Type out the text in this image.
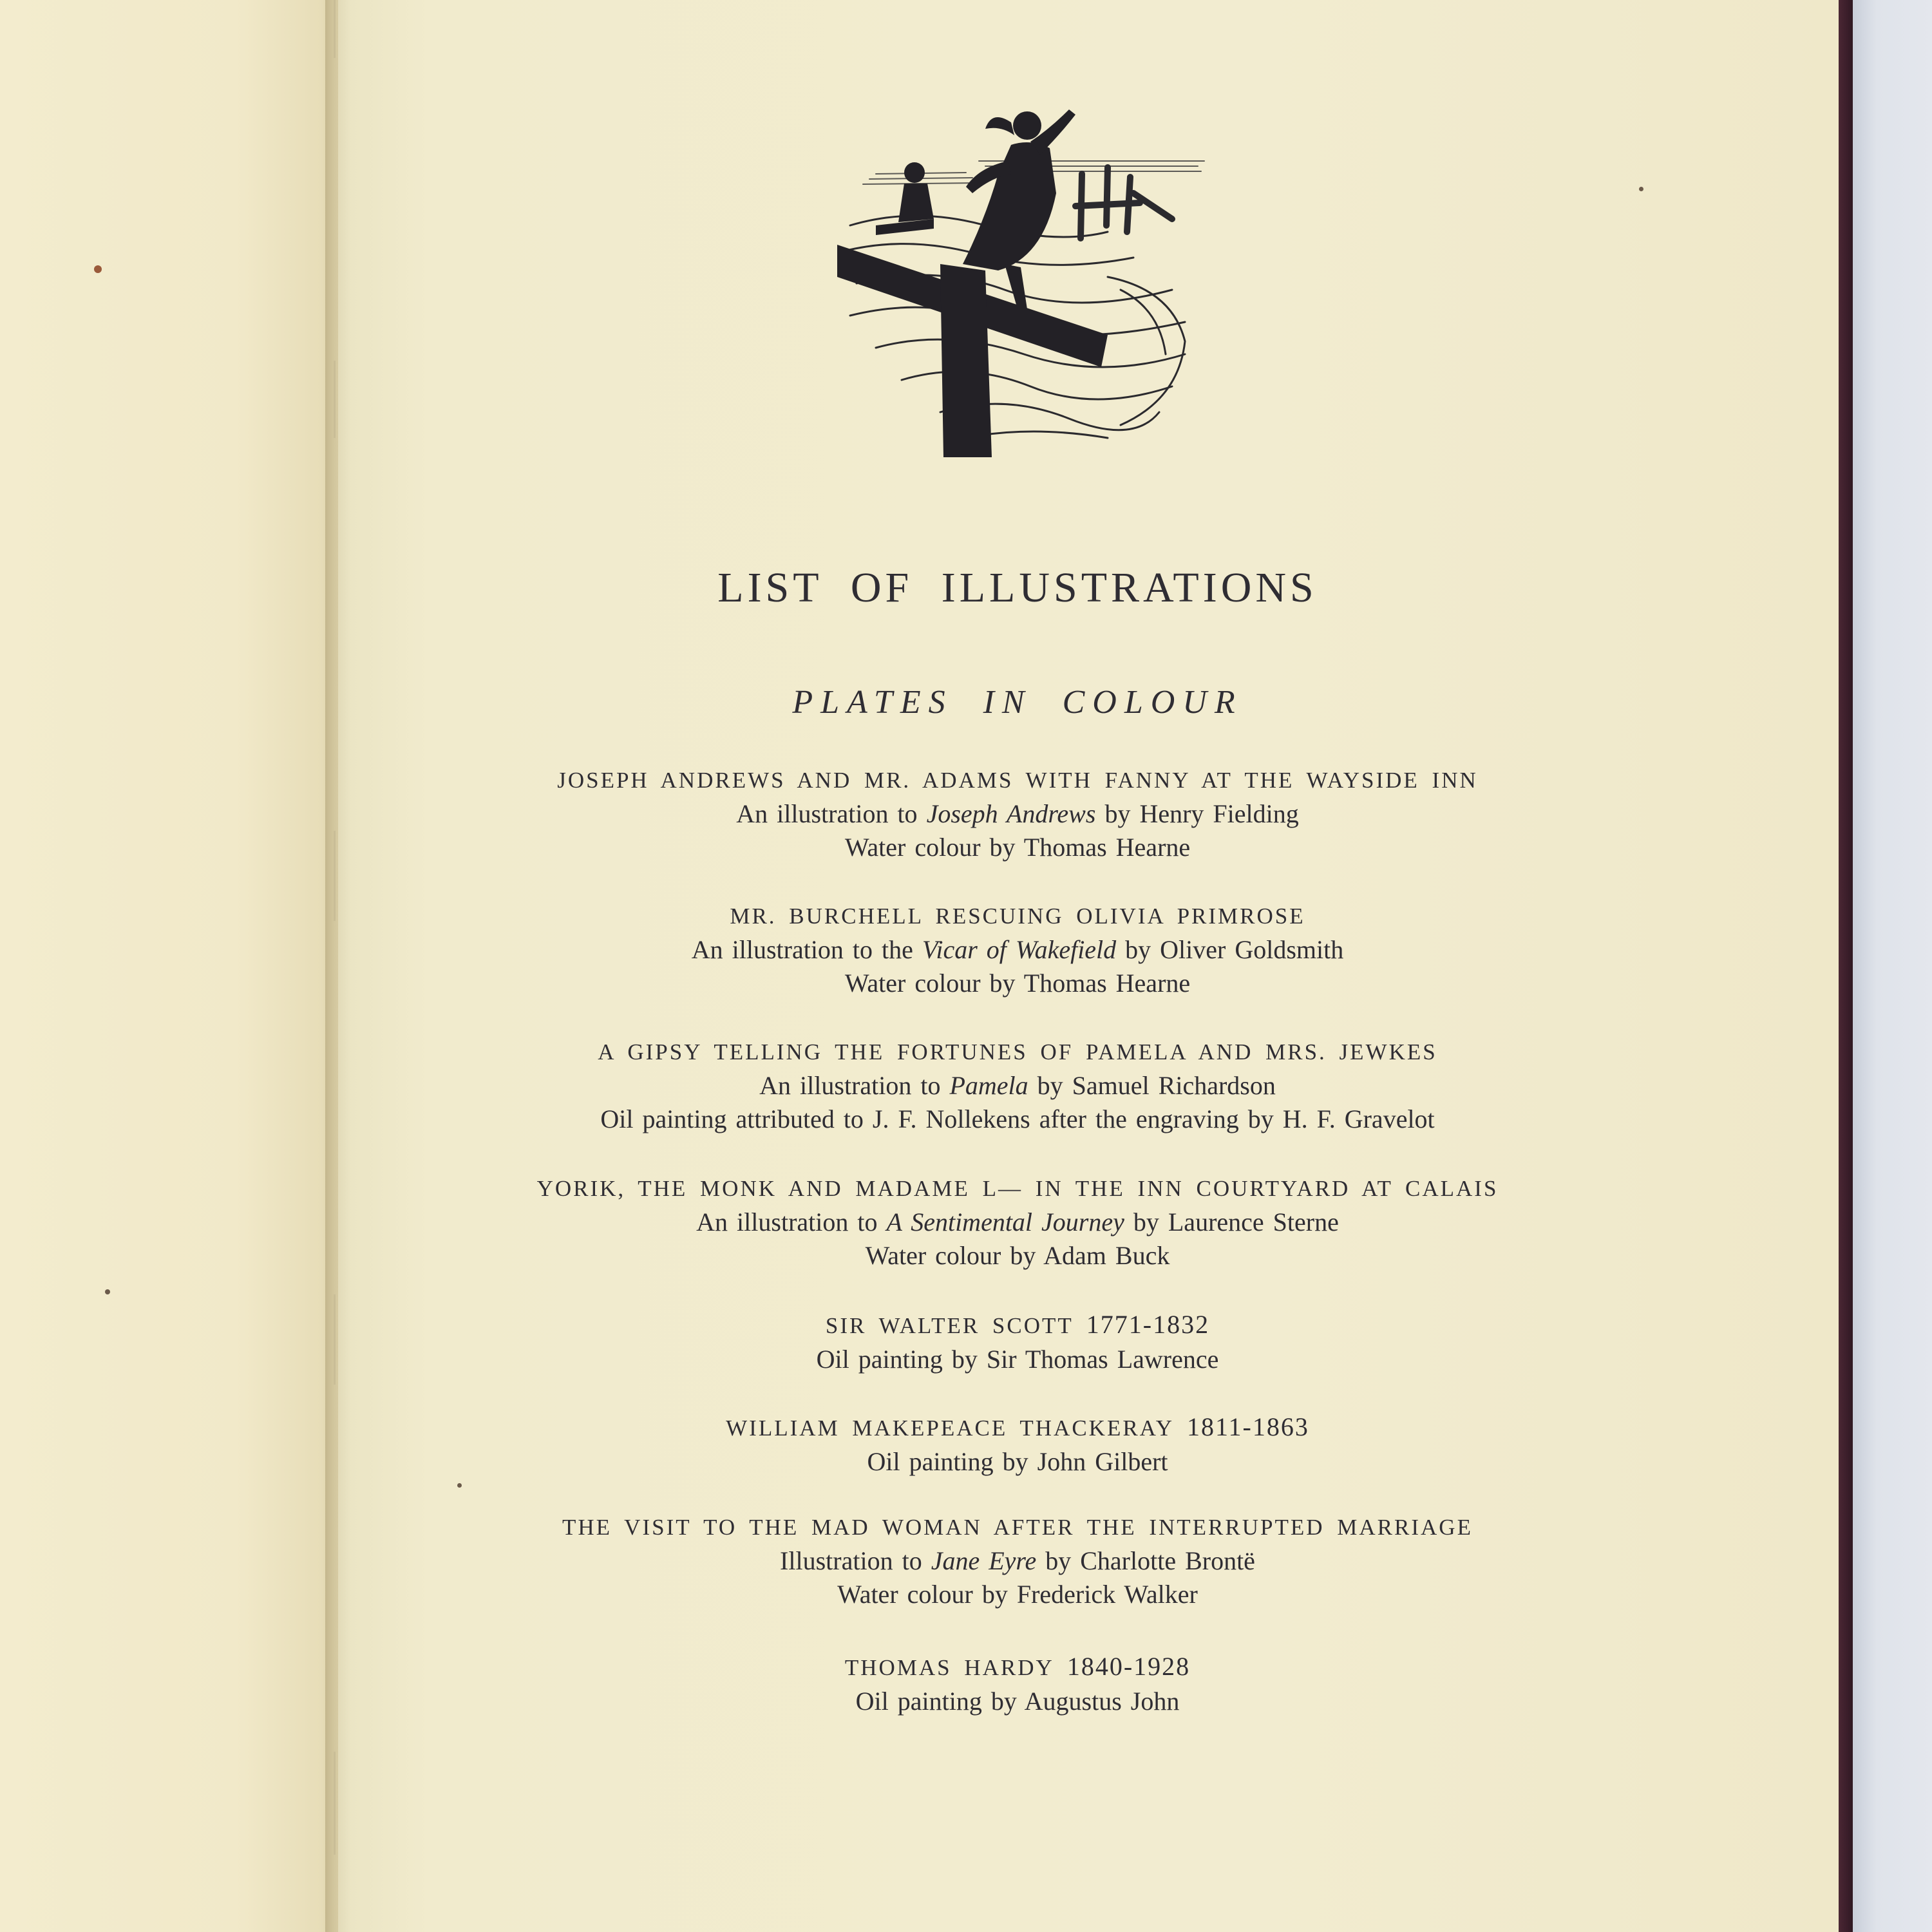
LIST OF ILLUSTRATIONS
PLATES IN COLOUR
JOSEPH ANDREWS AND MR. ADAMS WITH FANNY AT THE WAYSIDE INN
An illustration to Joseph Andrews by Henry Fielding
Water colour by Thomas Hearne
MR. BURCHELL RESCUING OLIVIA PRIMROSE
An illustration to the Vicar of Wakefield by Oliver Goldsmith
Water colour by Thomas Hearne
A GIPSY TELLING THE FORTUNES OF PAMELA AND MRS. JEWKES
An illustration to Pamela by Samuel Richardson
Oil painting attributed to J. F. Nollekens after the engraving by H. F. Gravelot
YORIK, THE MONK AND MADAME L— IN THE INN COURTYARD AT CALAIS
An illustration to A Sentimental Journey by Laurence Sterne
Water colour by Adam Buck
SIR WALTER SCOTT 1771-1832
Oil painting by Sir Thomas Lawrence
WILLIAM MAKEPEACE THACKERAY 1811-1863
Oil painting by John Gilbert
THE VISIT TO THE MAD WOMAN AFTER THE INTERRUPTED MARRIAGE
Illustration to Jane Eyre by Charlotte Brontë
Water colour by Frederick Walker
THOMAS HARDY 1840-1928
Oil painting by Augustus John
